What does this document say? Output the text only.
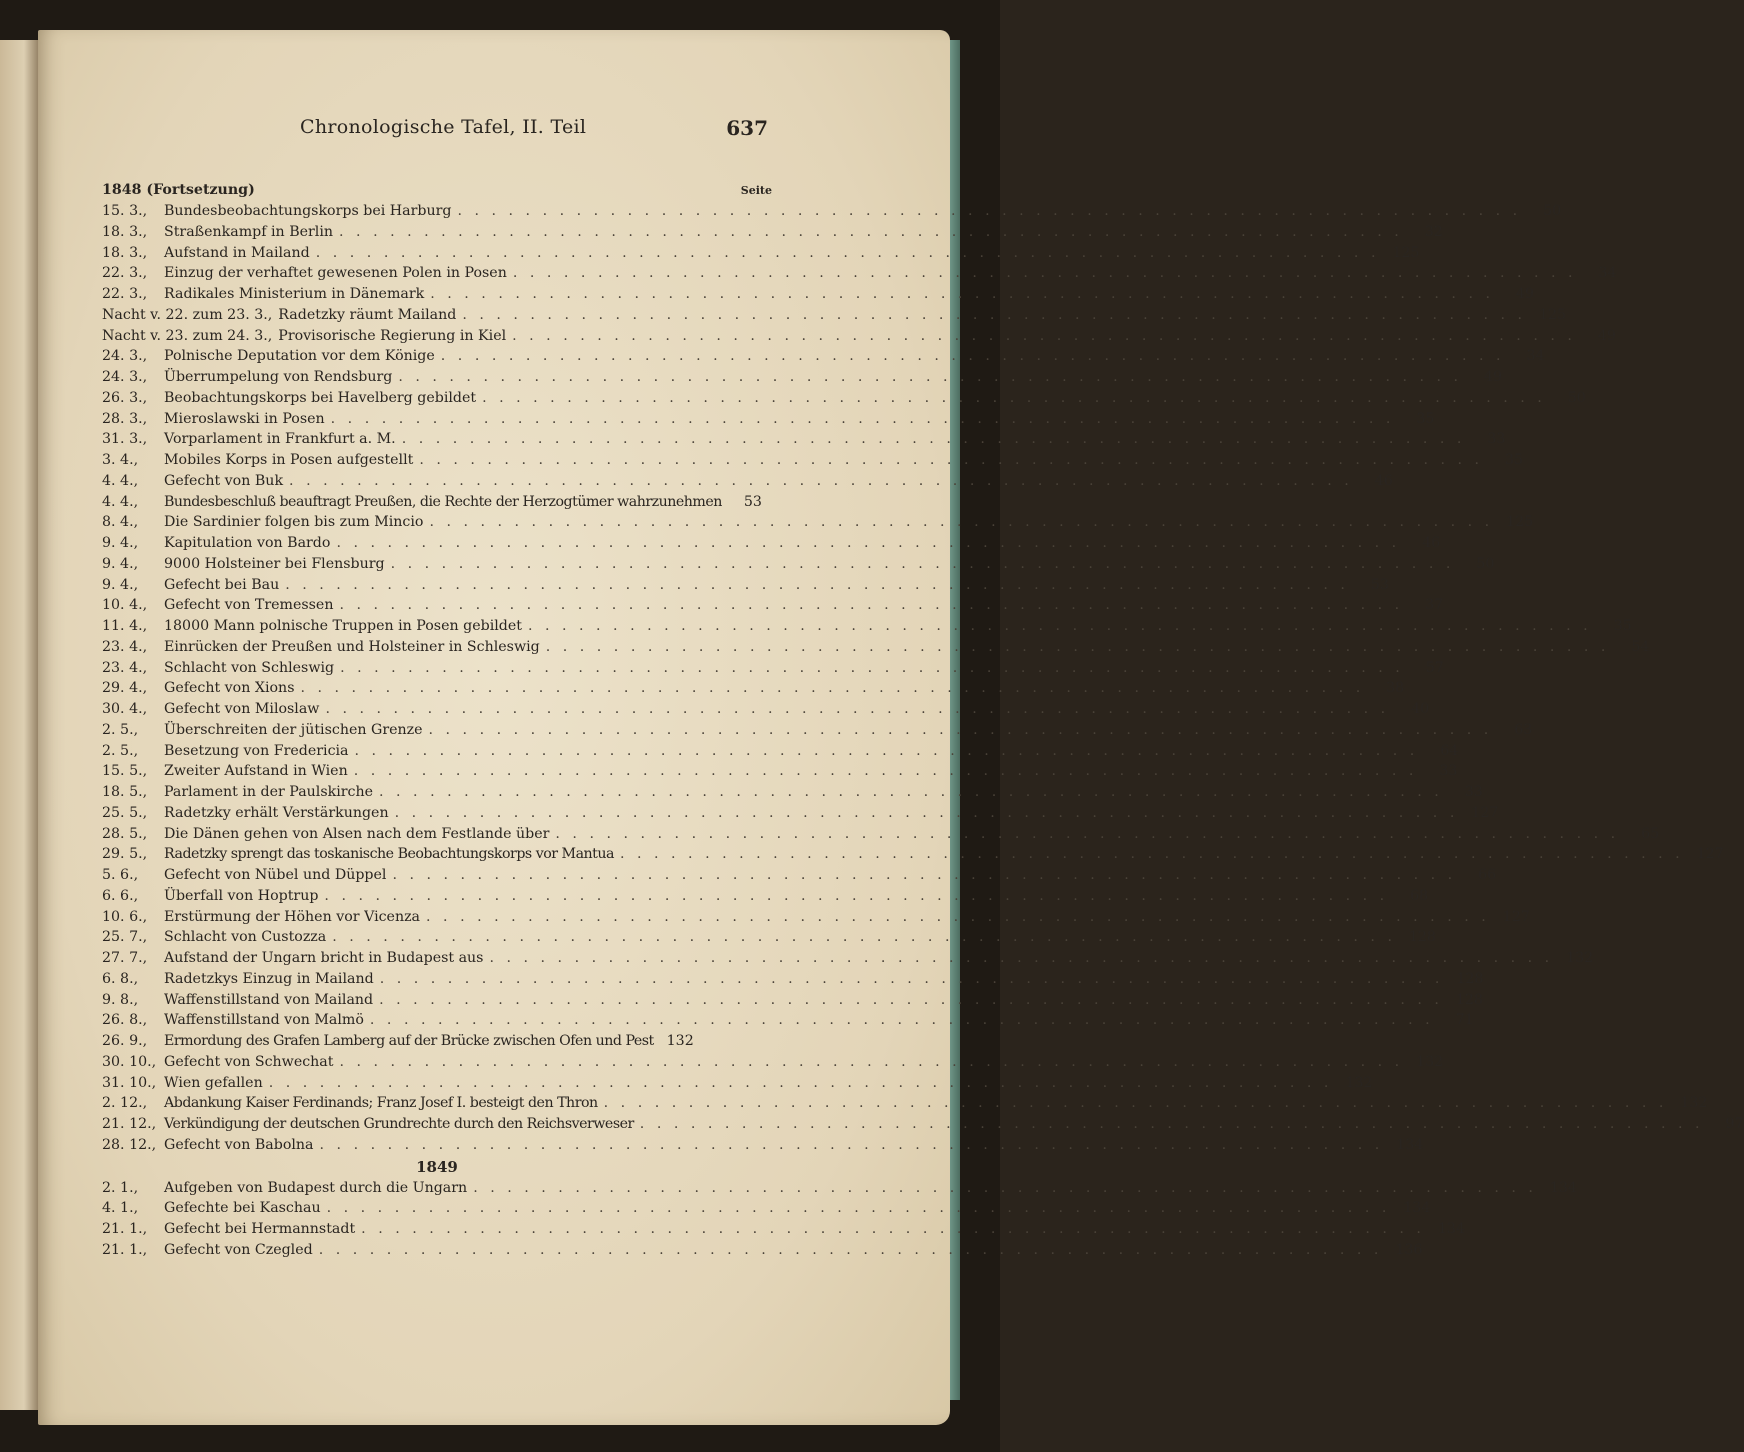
Chronologische Tafel, II. Teil	637
1848 (Fortsetzung)	Seite
15. 3.,	Bundesbeobachtungskorps bei Harburg . . .	50
18. 3.,	Straßenkampf in Berlin . . .	32
18. 3.,	Aufstand in Mailand . . .	125
22. 3.,	Einzug der verhaftet gewesenen Polen in Posen . . .	34
22. 3.,	Radikales Ministerium in Dänemark . . .	49
Nacht v. 22. zum 23. 3., Radetzky räumt Mailand . . .	125
Nacht v. 23. zum 24. 3., Provisorische Regierung in Kiel . . .	49
24. 3.,	Polnische Deputation vor dem Könige . . .	34
24. 3.,	Überrumpelung von Rendsburg . . .	49
26. 3.,	Beobachtungskorps bei Havelberg gebildet . . .	50
28. 3.,	Mieroslawski in Posen . . .	35
31. 3.,	Vorparlament in Frankfurt a. M. . . .	33
3. 4.,	Mobiles Korps in Posen aufgestellt . . .	35
4. 4.,	Gefecht von Buk . . .	46
4. 4.,	Bundesbeschluß beauftragt Preußen, die Rechte der Herzogtümer wahrzunehmen	53
8. 4.,	Die Sardinier folgen bis zum Mincio . . .	125
9. 4.,	Kapitulation von Bardo . . .	46
9. 4.,	9000 Holsteiner bei Flensburg . . .	50
9. 4.,	Gefecht bei Bau . . .	53
10. 4.,	Gefecht von Tremessen . . .	37
11. 4.,	18000 Mann polnische Truppen in Posen gebildet . . .	35
23. 4.,	Einrücken der Preußen und Holsteiner in Schleswig . . .	54
23. 4.,	Schlacht von Schleswig . . .	57
29. 4.,	Gefecht von Xions . . .	38
30. 4.,	Gefecht von Miloslaw . . .	40
2. 5.,	Überschreiten der jütischen Grenze . . .	63
2. 5.,	Besetzung von Fredericia . . .	64
15. 5.,	Zweiter Aufstand in Wien . . .	33
18. 5.,	Parlament in der Paulskirche . . .	33
25. 5.,	Radetzky erhält Verstärkungen . . .	127
28. 5.,	Die Dänen gehen von Alsen nach dem Festlande über . . .	65
29. 5.,	Radetzky sprengt das toskanische Beobachtungskorps vor Mantua . . .	127
5. 6.,	Gefecht von Nübel und Düppel . . .	66
6. 6.,	Überfall von Hoptrup . . .	68
10. 6.,	Erstürmung der Höhen vor Vicenza . . .	127
25. 7.,	Schlacht von Custozza . . .	128
27. 7.,	Aufstand der Ungarn bricht in Budapest aus . . .	132
6. 8.,	Radetzkys Einzug in Mailand . . .	128
9. 8.,	Waffenstillstand von Mailand . . .	128
26. 8.,	Waffenstillstand von Malmö . . .	71
26. 9.,	Ermordung des Grafen Lamberg auf der Brücke zwischen Ofen und Pest 132
30. 10., Gefecht von Schwechat . . .	132
31. 10., Wien gefallen . . .	132
2. 12.,	Abdankung Kaiser Ferdinands; Franz Josef I. besteigt den Thron . . .	132
21. 12., Verkündigung der deutschen Grundrechte durch den Reichsverweser . . .	97
28. 12., Gefecht von Babolna . . .	134
1849
2. 1.,	Aufgeben von Budapest durch die Ungarn . . .	134
4. 1.,	Gefechte bei Kaschau . . .	134
21. 1.,	Gefecht bei Hermannstadt . . .	134
21. 1.,	Gefecht von Czegled . . .	136
